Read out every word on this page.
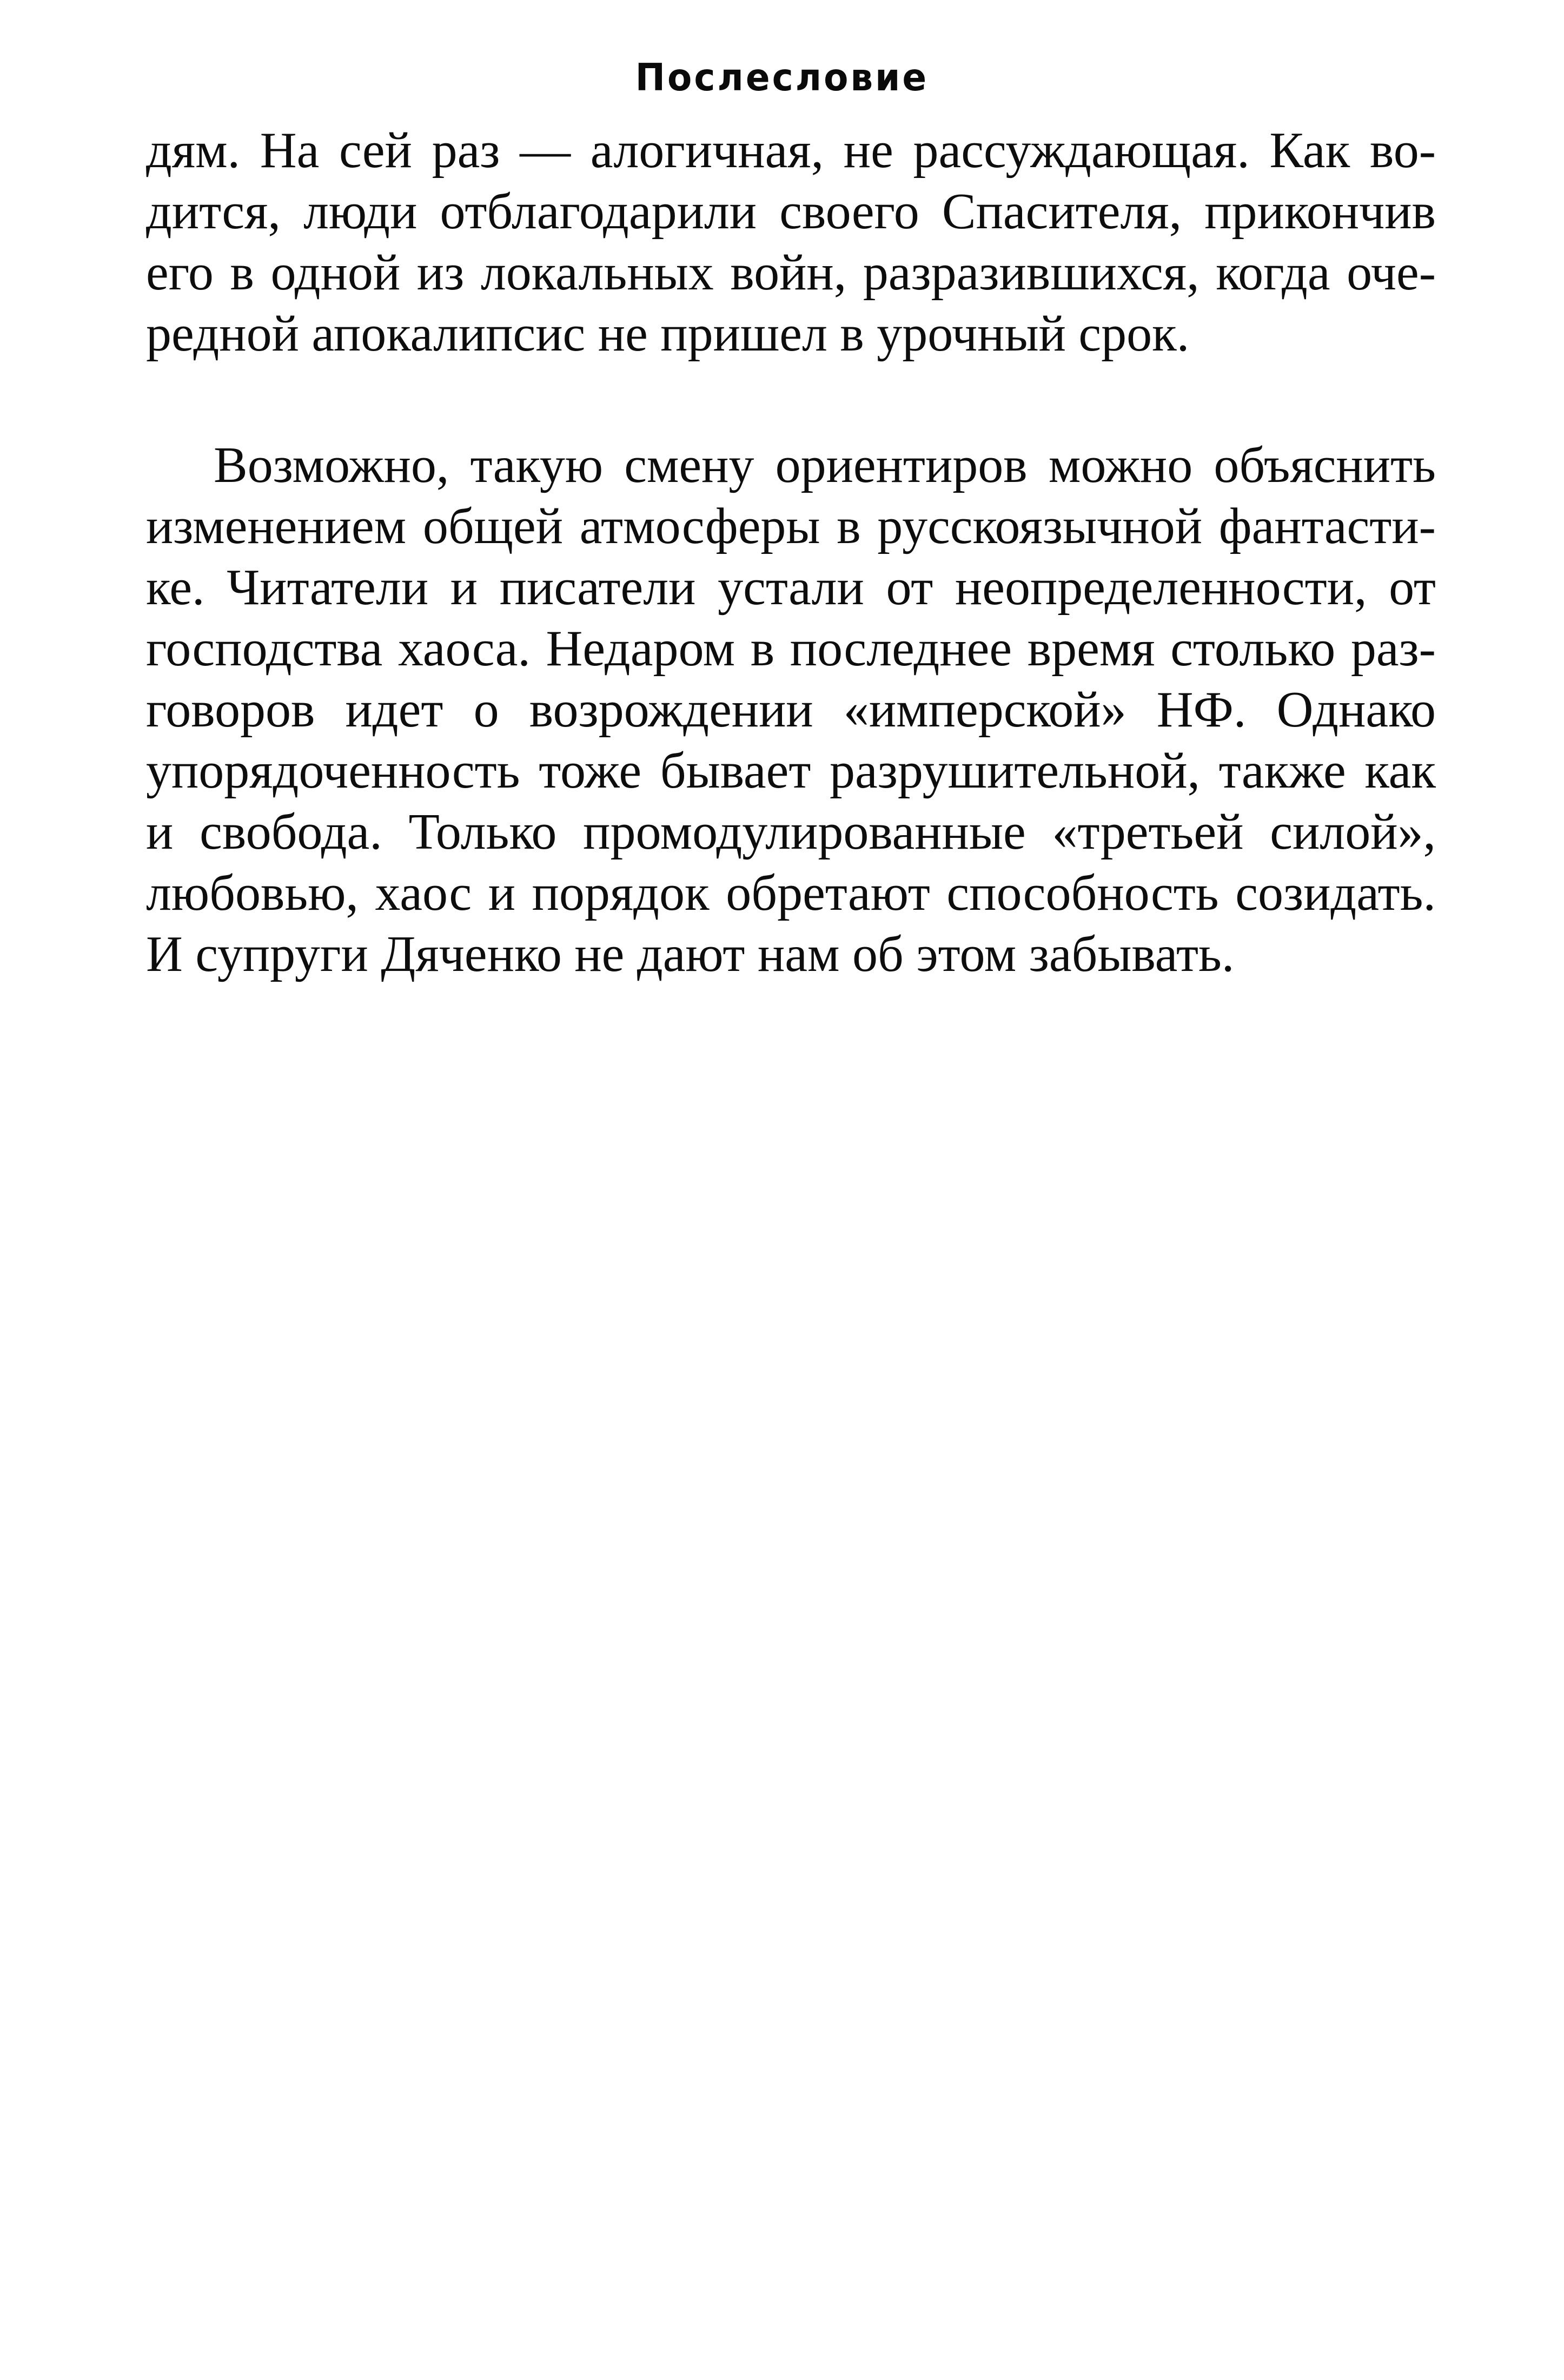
Послесловие
дям. На сей раз — алогичная, не рассуждающая. Как во-
дится, люди отблагодарили своего Спасителя, прикончив
его в одной из локальных войн, разразившихся, когда оче-
редной апокалипсис не пришел в урочный срок.
Возможно, такую смену ориентиров можно объяснить
изменением общей атмосферы в русскоязычной фантасти-
ке. Читатели и писатели устали от неопределенности, от
господства хаоса. Недаром в последнее время столько раз-
говоров идет о возрождении «имперской» НФ. Однако
упорядоченность тоже бывает разрушительной, также как
и свобода. Только промодулированные «третьей силой»,
любовью, хаос и порядок обретают способность созидать.
И супруги Дяченко не дают нам об этом забывать.
